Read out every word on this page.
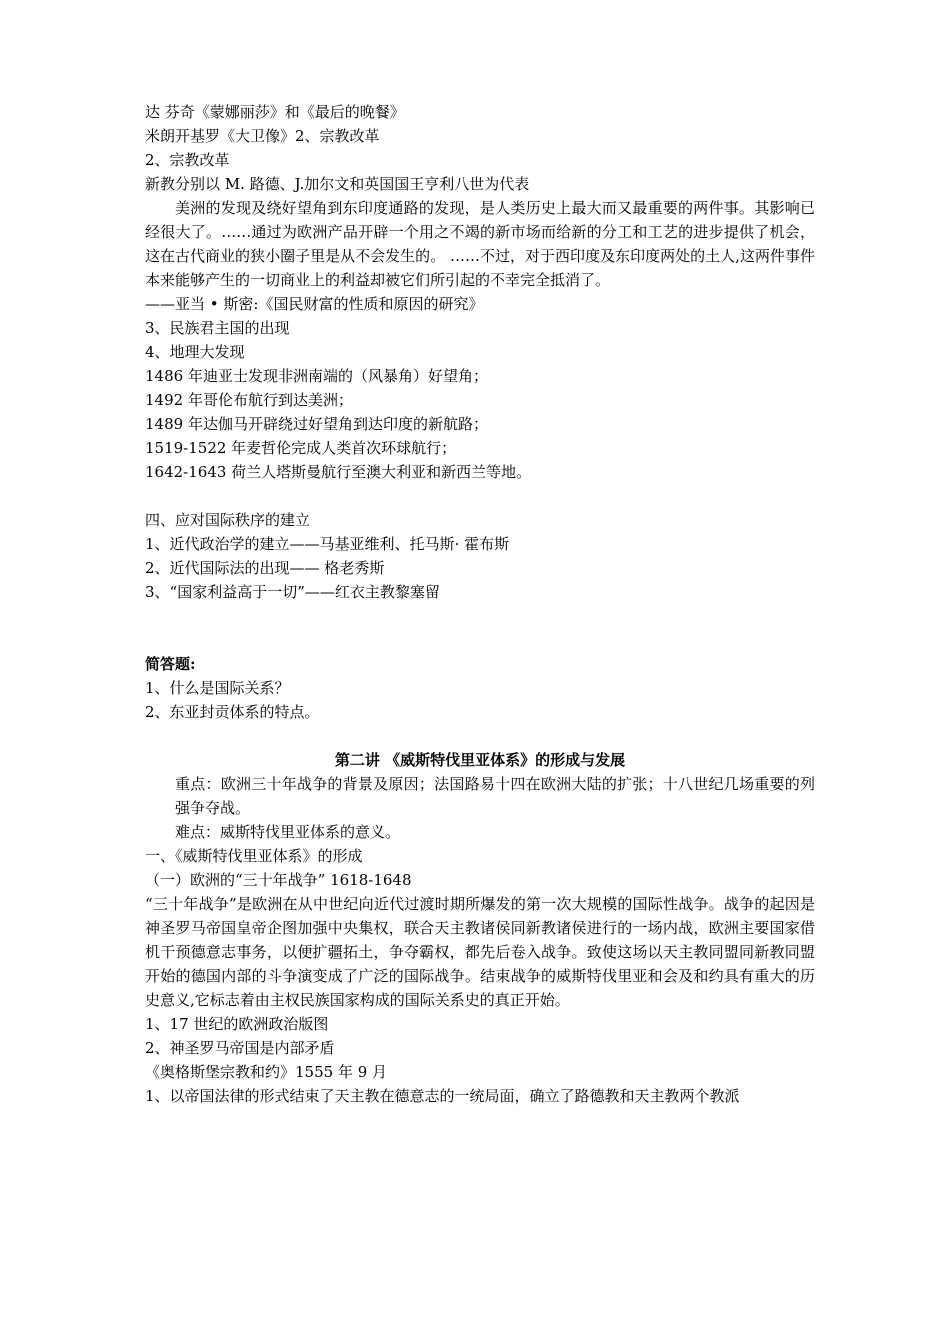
达 芬奇《蒙娜丽莎》和《最后的晚餐》
米朗开基罗《大卫像》2、宗教改革
2、宗教改革
新教分别以 M. 路德、J.加尔文和英国国王亨利八世为代表
美洲的发现及绕好望角到东印度通路的发现，是人类历史上最大而又最重要的两件事。其影响已经很大了。……通过为欧洲产品开辟一个用之不竭的新市场而给新的分工和工艺的进步提供了机会，这在古代商业的狭小圈子里是从不会发生的。 ……不过，对于西印度及东印度两处的土人,这两件事件本来能够产生的一切商业上的利益却被它们所引起的不幸完全抵消了。
——亚当 • 斯密:《国民财富的性质和原因的研究》
3、民族君主国的出现
4、地理大发现
1486 年迪亚士发现非洲南端的（风暴角）好望角；
1492 年哥伦布航行到达美洲；
1489 年达伽马开辟绕过好望角到达印度的新航路；
1519-1522 年麦哲伦完成人类首次环球航行；
1642-1643 荷兰人塔斯曼航行至澳大利亚和新西兰等地。
四、应对国际秩序的建立
1、近代政治学的建立——马基亚维利、托马斯· 霍布斯
2、近代国际法的出现—— 格老秀斯
3、“国家利益高于一切”——红衣主教黎塞留
简答题:
1、什么是国际关系？
2、东亚封贡体系的特点。
第二讲 《威斯特伐里亚体系》的形成与发展
重点：欧洲三十年战争的背景及原因；法国路易十四在欧洲大陆的扩张；十八世纪几场重要的列强争夺战。
难点：威斯特伐里亚体系的意义。
一、《威斯特伐里亚体系》的形成
（一）欧洲的“三十年战争” 1618-1648
“三十年战争”是欧洲在从中世纪向近代过渡时期所爆发的第一次大规模的国际性战争。战争的起因是神圣罗马帝国皇帝企图加强中央集权，联合天主教诸侯同新教诸侯进行的一场内战，欧洲主要国家借机干预德意志事务，以便扩疆拓土，争夺霸权，都先后卷入战争。致使这场以天主教同盟同新教同盟开始的德国内部的斗争演变成了广泛的国际战争。结束战争的威斯特伐里亚和会及和约具有重大的历史意义,它标志着由主权民族国家构成的国际关系史的真正开始。
1、17 世纪的欧洲政治版图
2、神圣罗马帝国是内部矛盾
《奥格斯堡宗教和约》1555 年 9 月
1、以帝国法律的形式结束了天主教在德意志的一统局面，确立了路德教和天主教两个教派
